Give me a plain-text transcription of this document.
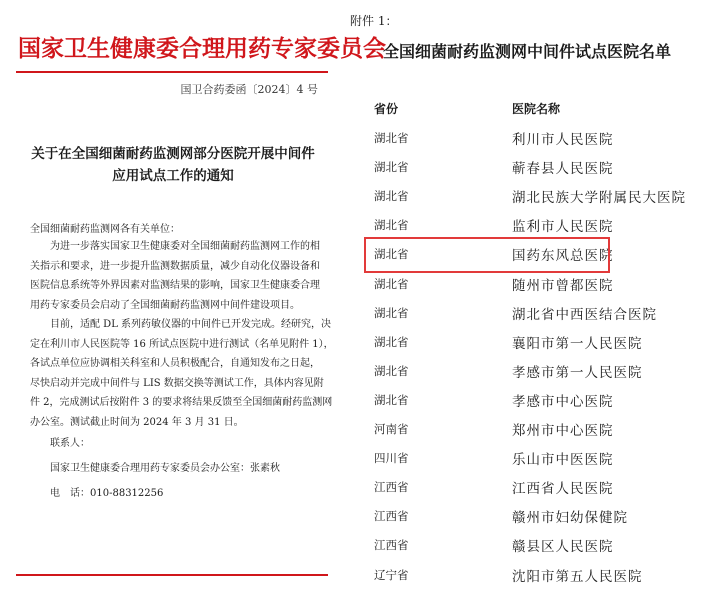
国家卫生健康委合理用药专家委员会
国卫合药委函〔2024〕4 号
关于在全国细菌耐药监测网部分医院开展中间件
应用试点工作的通知
全国细菌耐药监测网各有关单位：

　　为进一步落实国家卫生健康委对全国细菌耐药监测网工作的相

关指示和要求，进一步提升监测数据质量，减少自动化仪器设备和

医院信息系统等外界因素对监测结果的影响，国家卫生健康委合理

用药专家委员会启动了全国细菌耐药监测网中间件建设项目。

　　目前，适配 DL 系列药敏仪器的中间件已开发完成。经研究，决

定在利川市人民医院等 16 所试点医院中进行测试（名单见附件 1），

各试点单位应协调相关科室和人员积极配合，自通知发布之日起，

尽快启动并完成中间件与 LIS 数据交换等测试工作，具体内容见附

件 2，完成测试后按附件 3 的要求将结果反馈至全国细菌耐药监测网

办公室。测试截止时间为 2024 年 3 月 31 日。

　　联系人：
　　国家卫生健康委合理用药专家委员会办公室：张素秋
　　电　话：010-88312256
附件 1：
全国细菌耐药监测网中间件试点医院名单
省份	医院名称
湖北省	利川市人民医院
湖北省	蕲春县人民医院
湖北省	湖北民族大学附属民大医院
湖北省	监利市人民医院
湖北省	国药东风总医院
湖北省	随州市曾都医院
湖北省	湖北省中西医结合医院
湖北省	襄阳市第一人民医院
湖北省	孝感市第一人民医院
湖北省	孝感市中心医院
河南省	郑州市中心医院
四川省	乐山市中医医院
江西省	江西省人民医院
江西省	赣州市妇幼保健院
江西省	赣县区人民医院
辽宁省	沈阳市第五人民医院
